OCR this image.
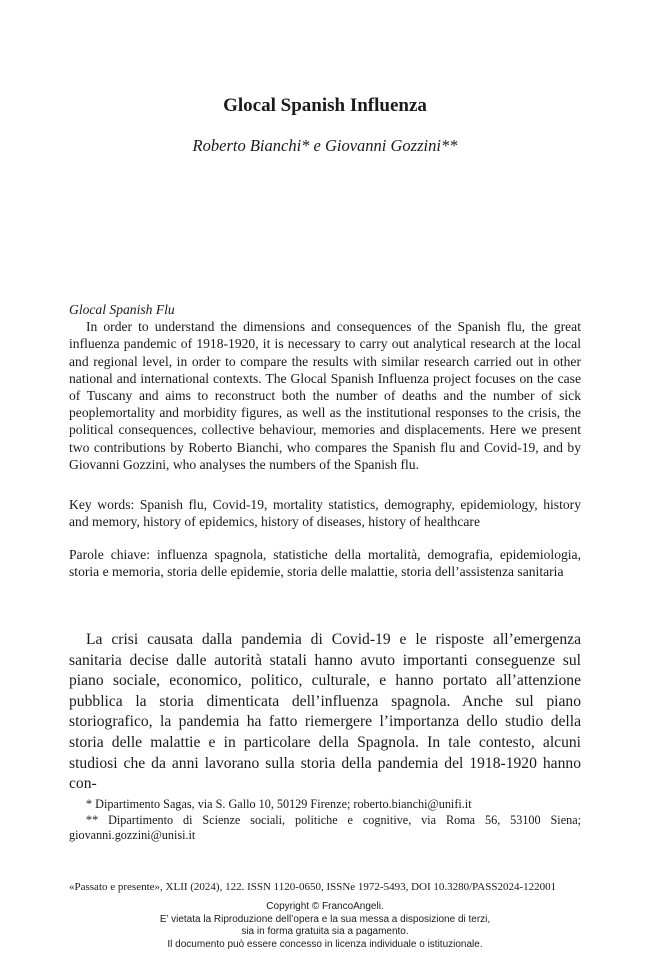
Glocal Spanish Influenza
Roberto Bianchi* e Giovanni Gozzini**

Glocal Spanish Flu

In order to understand the dimensions and consequences of the Spanish flu, the great influenza pandemic of 1918-1920, it is necessary to carry out analytical research at the local and regional level, in order to compare the results with similar research carried out in other national and international contexts. The Glocal Spanish Influenza project focuses on the case of Tuscany and aims to reconstruct both the number of deaths and the number of sick peoplemortality and morbidity figures, as well as the institutional responses to the crisis, the political consequences, collective behaviour, memories and displacements. Here we present two contributions by Roberto Bianchi, who compares the Spanish flu and Covid-19, and by Giovanni Gozzini, who analyses the numbers of the Spanish flu.

Key words: Spanish flu, Covid-19, mortality statistics, demography, epidemiology, history and memory, history of epidemics, history of diseases, history of healthcare

Parole chiave: influenza spagnola, statistiche della mortalità, demografia, epidemiologia, storia e memoria, storia delle epidemie, storia delle malattie, storia dell’assistenza sanitaria

La crisi causata dalla pandemia di Covid-19 e le risposte all’emergenza sanitaria decise dalle autorità statali hanno avuto importanti conseguenze sul piano sociale, economico, politico, culturale, e hanno portato all’attenzione pubblica la storia dimenticata dell’influenza spagnola. Anche sul piano storiografico, la pandemia ha fatto riemergere l’importanza dello studio della storia delle malattie e in particolare della Spagnola. In tale contesto, alcuni studiosi che da anni lavorano sulla storia della pandemia del 1918-1920 hanno con-

* Dipartimento Sagas, via S. Gallo 10, 50129 Firenze; roberto.bianchi@unifi.it

** Dipartimento di Scienze sociali, politiche e cognitive, via Roma 56, 53100 Siena; giovanni.gozzini@unisi.it

«Passato e presente», XLII (2024), 122. ISSN 1120-0650, ISSNe 1972-5493, DOI 10.3280/PASS2024-122001

Copyright © FrancoAngeli.
E’ vietata la Riproduzione dell’opera e la sua messa a disposizione di terzi,
sia in forma gratuita sia a pagamento.
Il documento può essere concesso in licenza individuale o istituzionale.
